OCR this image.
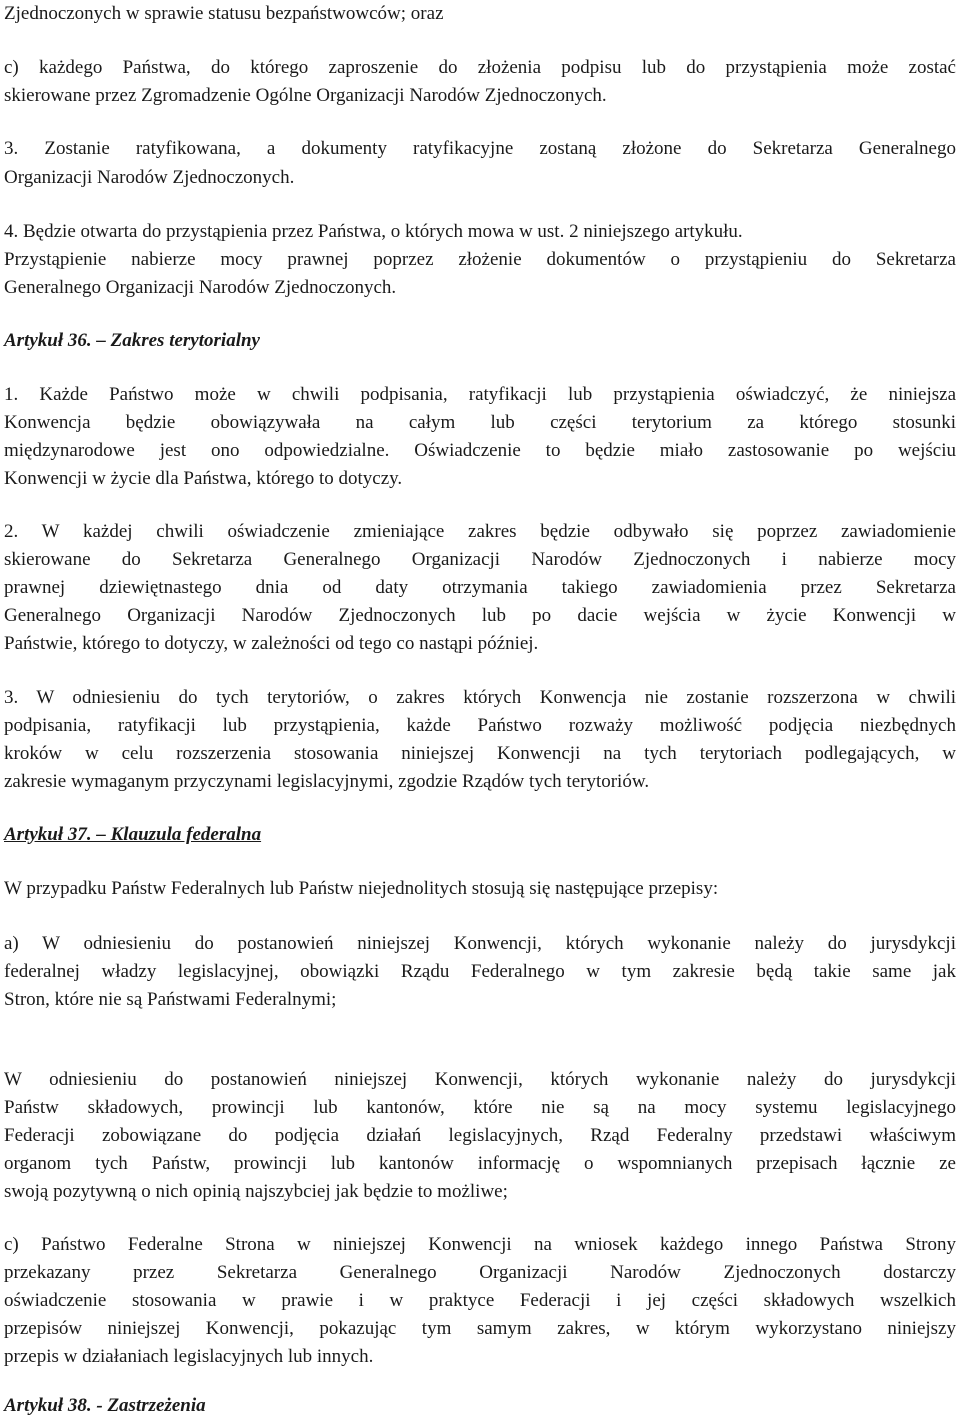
Zjednoczonych w sprawie statusu bezpaństwowców; oraz
c) każdego Państwa, do którego zaproszenie do złożenia podpisu lub do przystąpienia może zostać
skierowane przez Zgromadzenie Ogólne Organizacji Narodów Zjednoczonych.
3. Zostanie ratyfikowana, a dokumenty ratyfikacyjne zostaną złożone do Sekretarza Generalnego
Organizacji Narodów Zjednoczonych.
4. Będzie otwarta do przystąpienia przez Państwa, o których mowa w ust. 2 niniejszego artykułu.
Przystąpienie nabierze mocy prawnej poprzez złożenie dokumentów o przystąpieniu do Sekretarza
Generalnego Organizacji Narodów Zjednoczonych.
Artykuł 36. – Zakres terytorialny
1. Każde Państwo może w chwili podpisania, ratyfikacji lub przystąpienia oświadczyć, że niniejsza
Konwencja będzie obowiązywała na całym lub części terytorium za którego stosunki
międzynarodowe jest ono odpowiedzialne. Oświadczenie to będzie miało zastosowanie po wejściu
Konwencji w życie dla Państwa, którego to dotyczy.
2. W każdej chwili oświadczenie zmieniające zakres będzie odbywało się poprzez zawiadomienie
skierowane do Sekretarza Generalnego Organizacji Narodów Zjednoczonych i nabierze mocy
prawnej dziewiętnastego dnia od daty otrzymania takiego zawiadomienia przez Sekretarza
Generalnego Organizacji Narodów Zjednoczonych lub po dacie wejścia w życie Konwencji w
Państwie, którego to dotyczy, w zależności od tego co nastąpi później.
3. W odniesieniu do tych terytoriów, o zakres których Konwencja nie zostanie rozszerzona w chwili
podpisania, ratyfikacji lub przystąpienia, każde Państwo rozważy możliwość podjęcia niezbędnych
kroków w celu rozszerzenia stosowania niniejszej Konwencji na tych terytoriach podlegających, w
zakresie wymaganym przyczynami legislacyjnymi, zgodzie Rządów tych terytoriów.
Artykuł 37. – Klauzula federalna
W przypadku Państw Federalnych lub Państw niejednolitych stosują się następujące przepisy:
a) W odniesieniu do postanowień niniejszej Konwencji, których wykonanie należy do jurysdykcji
federalnej władzy legislacyjnej, obowiązki Rządu Federalnego w tym zakresie będą takie same jak
Stron, które nie są Państwami Federalnymi;
W odniesieniu do postanowień niniejszej Konwencji, których wykonanie należy do jurysdykcji
Państw składowych, prowincji lub kantonów, które nie są na mocy systemu legislacyjnego
Federacji zobowiązane do podjęcia działań legislacyjnych, Rząd Federalny przedstawi właściwym
organom tych Państw, prowincji lub kantonów informację o wspomnianych przepisach łącznie ze
swoją pozytywną o nich opinią najszybciej jak będzie to możliwe;
c) Państwo Federalne Strona w niniejszej Konwencji na wniosek każdego innego Państwa Strony
przekazany przez Sekretarza Generalnego Organizacji Narodów Zjednoczonych dostarczy
oświadczenie stosowania w prawie i w praktyce Federacji i jej części składowych wszelkich
przepisów niniejszej Konwencji, pokazując tym samym zakres, w którym wykorzystano niniejszy
przepis w działaniach legislacyjnych lub innych.
Artykuł 38. - Zastrzeżenia
